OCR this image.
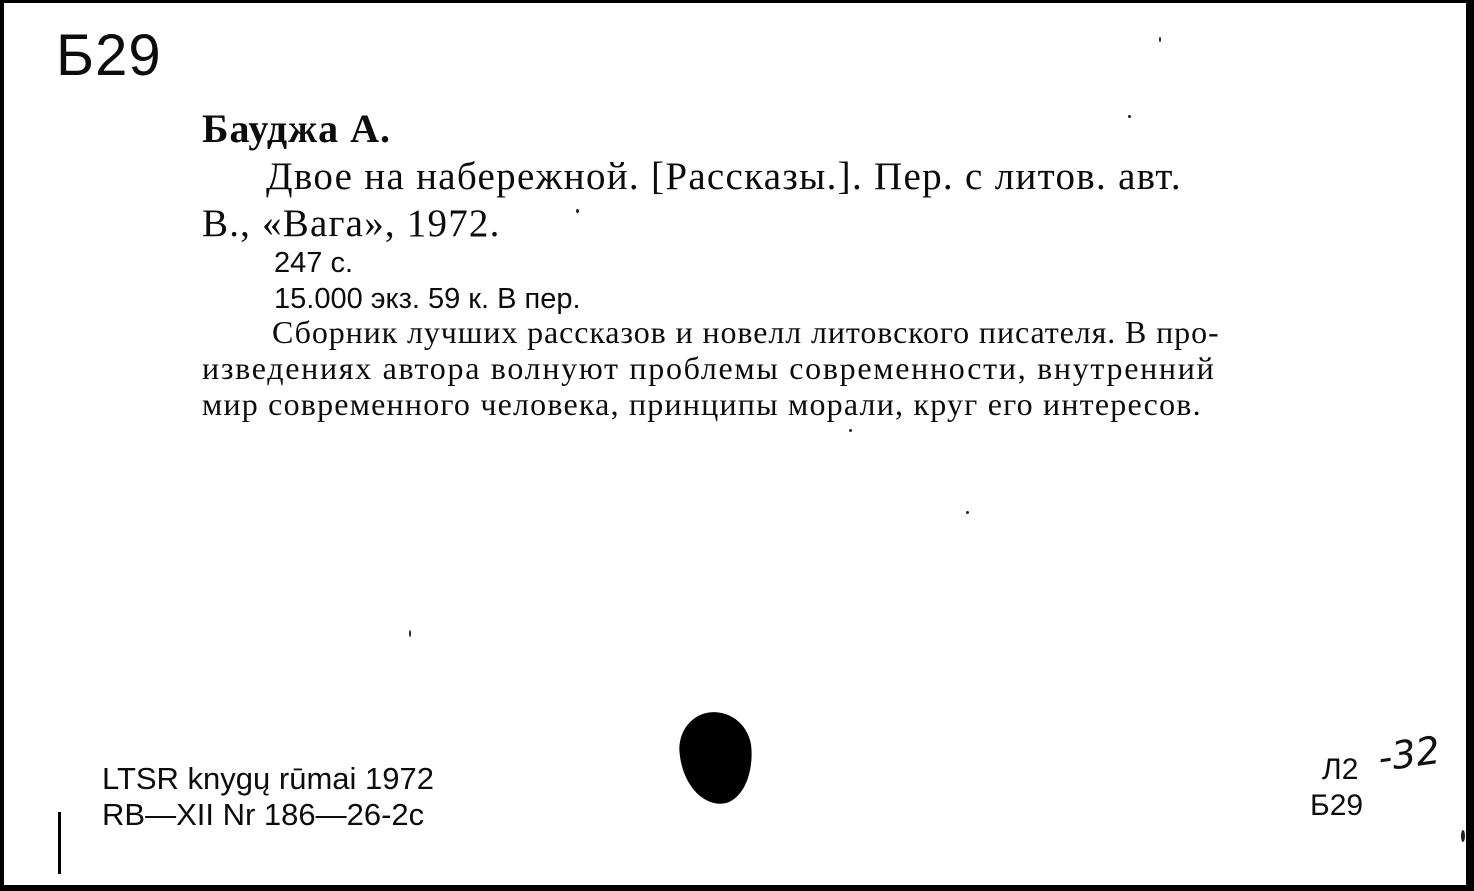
Б29
Бауджа А.
Двое на набережной. [Рассказы.]. Пер. с литов. авт.
В., «Вага», 1972.
247 с.
15.000 экз. 59 к. В пер.
Сборник лучших рассказов и новелл литовского писателя. В про-
изведениях автора волнуют проблемы современности, внутренний
мир современного человека, принципы морали, круг его интересов.
LTSR knygų rūmai 1972
RB—XII Nr 186—26-2c
Л2 -32
Б29
